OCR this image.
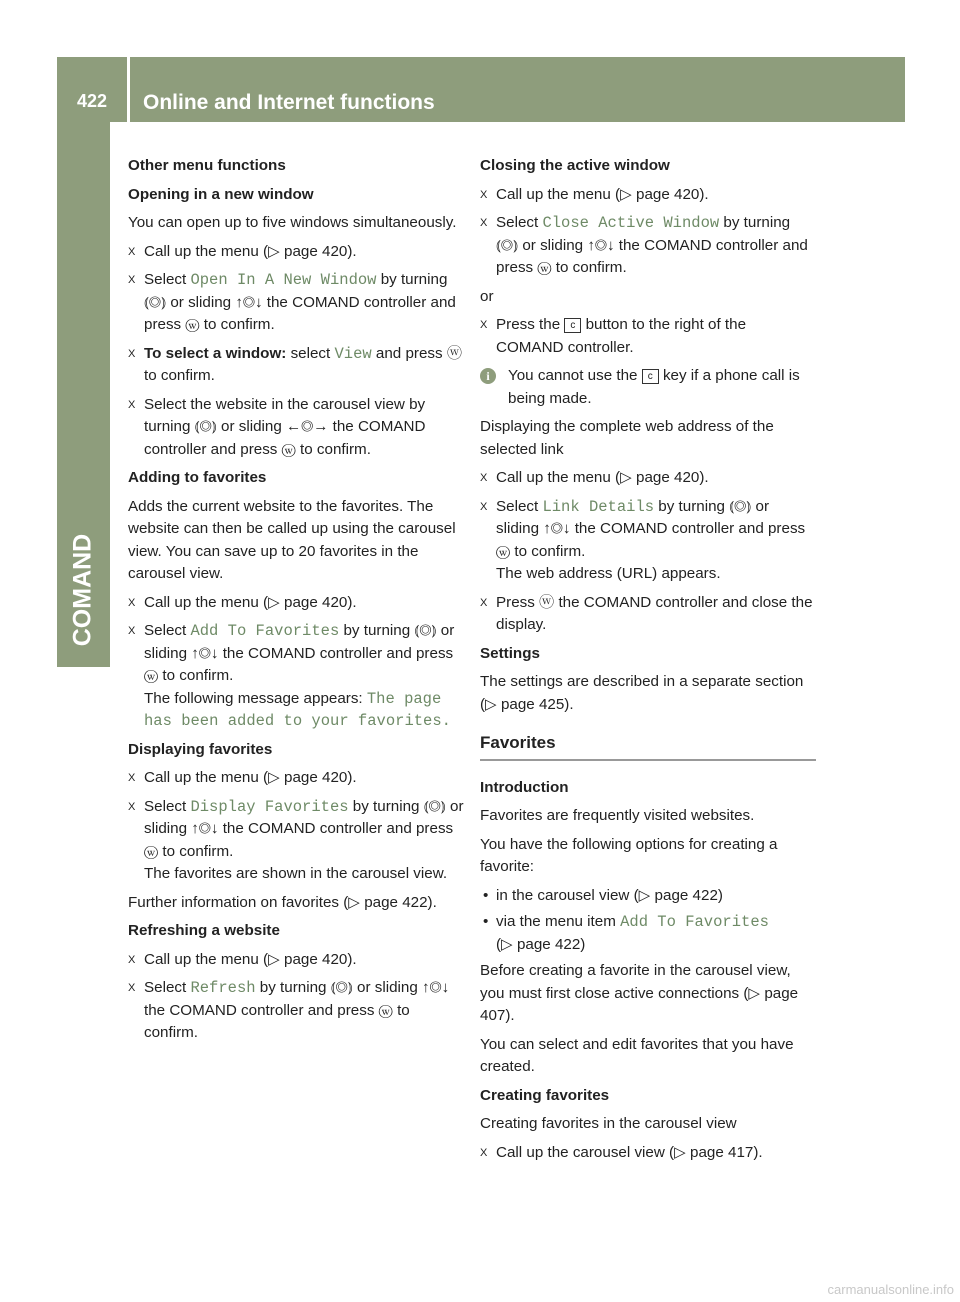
422	Online and Internet functions
COMAND
Other menu functions
Opening in a new window
You can open up to five windows simultaneously.
X Call up the menu (▷ page 420).
X Select Open In A New Window by turning ⦅◎⦆ or sliding ↑◎↓ the COMAND controller and press ⓦ to confirm.
X To select a window: select View and press ⓦ to confirm.
X Select the website in the carousel view by turning ⦅◎⦆ or sliding ←◎→ the COMAND controller and press ⓦ to confirm.
Adding to favorites
Adds the current website to the favorites. The website can then be called up using the carousel view. You can save up to 20 favorites in the carousel view.
X Call up the menu (▷ page 420).
X Select Add To Favorites by turning ⦅◎⦆ or sliding ↑◎↓ the COMAND controller and press ⓦ to confirm.
The following message appears: The page has been added to your favorites.
Displaying favorites
X Call up the menu (▷ page 420).
X Select Display Favorites by turning ⦅◎⦆ or sliding ↑◎↓ the COMAND controller and press ⓦ to confirm.
The favorites are shown in the carousel view.
Further information on favorites (▷ page 422).
Refreshing a website
X Call up the menu (▷ page 420).
X Select Refresh by turning ⦅◎⦆ or sliding ↑◎↓ the COMAND controller and press ⓦ to confirm.
Closing the active window
X Call up the menu (▷ page 420).
X Select Close Active Window by turning ⦅◎⦆ or sliding ↑◎↓ the COMAND controller and press ⓦ to confirm.
or
X Press the c button to the right of the COMAND controller.
i	You cannot use the c key if a phone call is being made.
Displaying the complete web address of the selected link
X Call up the menu (▷ page 420).
X Select Link Details by turning ⦅◎⦆ or sliding ↑◎↓ the COMAND controller and press ⓦ to confirm.
The web address (URL) appears.
X Press ⓦ the COMAND controller and close the display.
Settings
The settings are described in a separate section (▷ page 425).
Favorites
Introduction
Favorites are frequently visited websites.
You have the following options for creating a favorite:
• in the carousel view (▷ page 422)
• via the menu item Add To Favorites
(▷ page 422)
Before creating a favorite in the carousel view, you must first close active connections (▷ page 407).
You can select and edit favorites that you have created.
Creating favorites
Creating favorites in the carousel view
X Call up the carousel view (▷ page 417).
carmanualsonline.info
